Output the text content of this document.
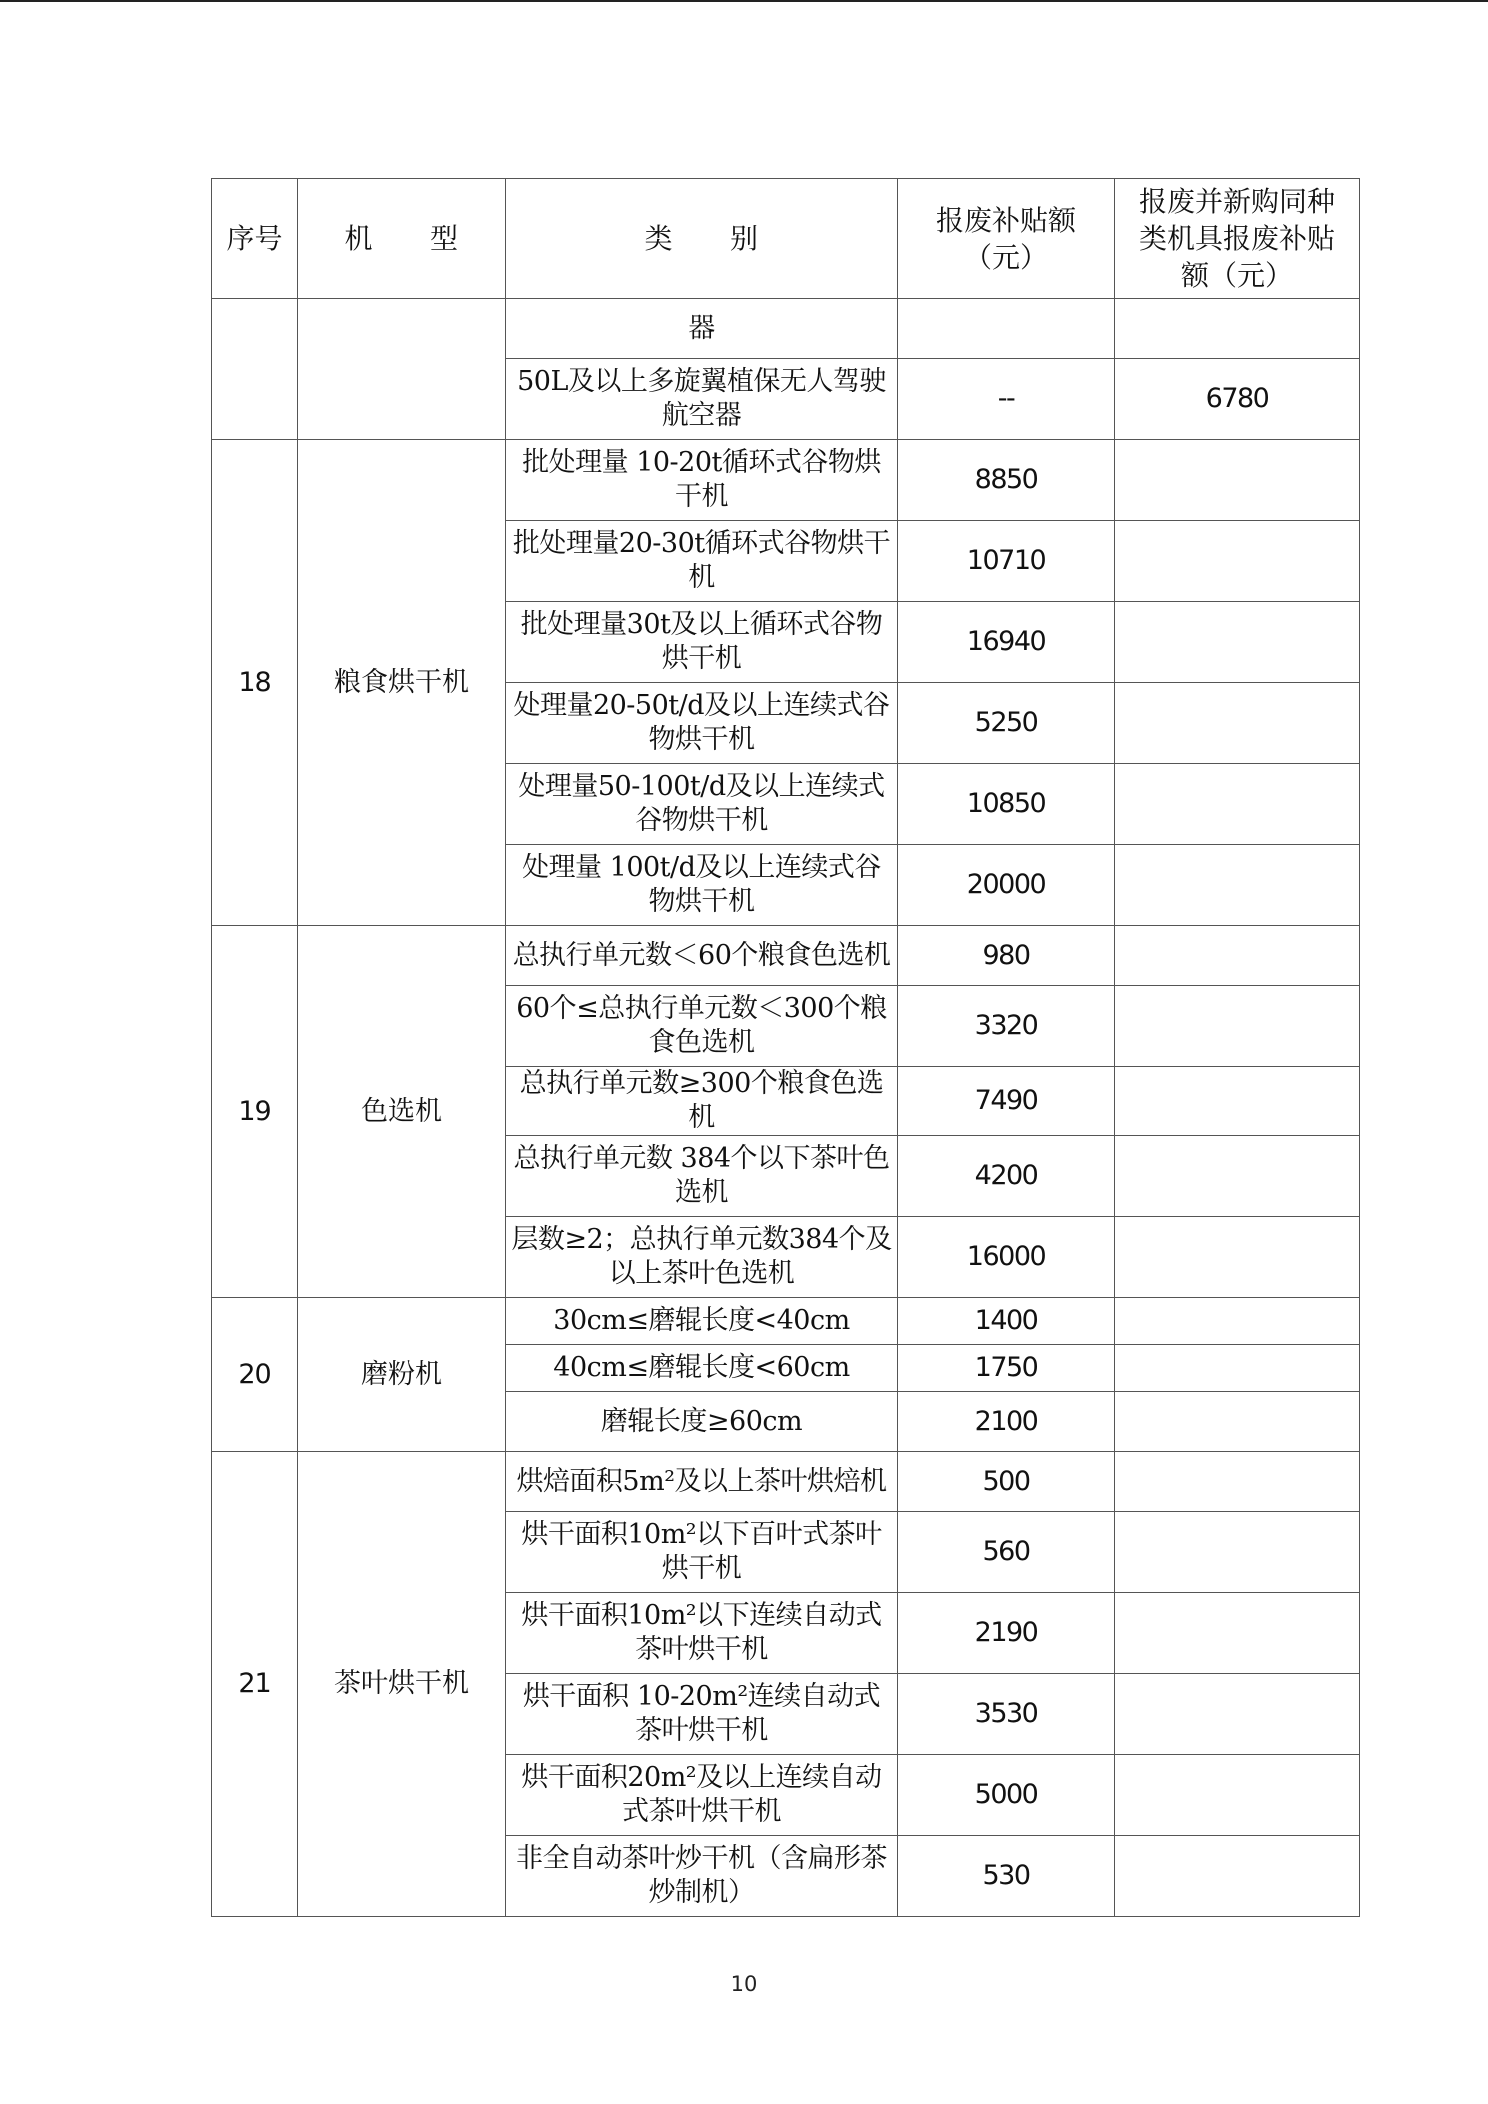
序号	机　　型	类　　别	报废补贴额（元）	报废并新购同种类机具报废补贴额（元）
		器		
		50L及以上多旋翼植保无人驾驶航空器	--	6780
18	粮食烘干机	批处理量 10-20t循环式谷物烘干机	8850	
		批处理量20-30t循环式谷物烘干机	10710	
		批处理量30t及以上循环式谷物烘干机	16940	
		处理量20-50t/d及以上连续式谷物烘干机	5250	
		处理量50-100t/d及以上连续式谷物烘干机	10850	
		处理量 100t/d及以上连续式谷物烘干机	20000	
19	色选机	总执行单元数＜60个粮食色选机	980	
		60个≤总执行单元数＜300个粮食色选机	3320	
		总执行单元数≥300个粮食色选机	7490	
		总执行单元数 384个以下茶叶色选机	4200	
		层数≥2；总执行单元数384个及以上茶叶色选机	16000	
20	磨粉机	30cm≤磨辊长度<40cm	1400	
		40cm≤磨辊长度<60cm	1750	
		磨辊长度≥60cm	2100	
21	茶叶烘干机	烘焙面积5m²及以上茶叶烘焙机	500	
		烘干面积10m²以下百叶式茶叶烘干机	560	
		烘干面积10m²以下连续自动式茶叶烘干机	2190	
		烘干面积 10-20m²连续自动式茶叶烘干机	3530	
		烘干面积20m²及以上连续自动式茶叶烘干机	5000	
		非全自动茶叶炒干机（含扁形茶炒制机）	530	
10
